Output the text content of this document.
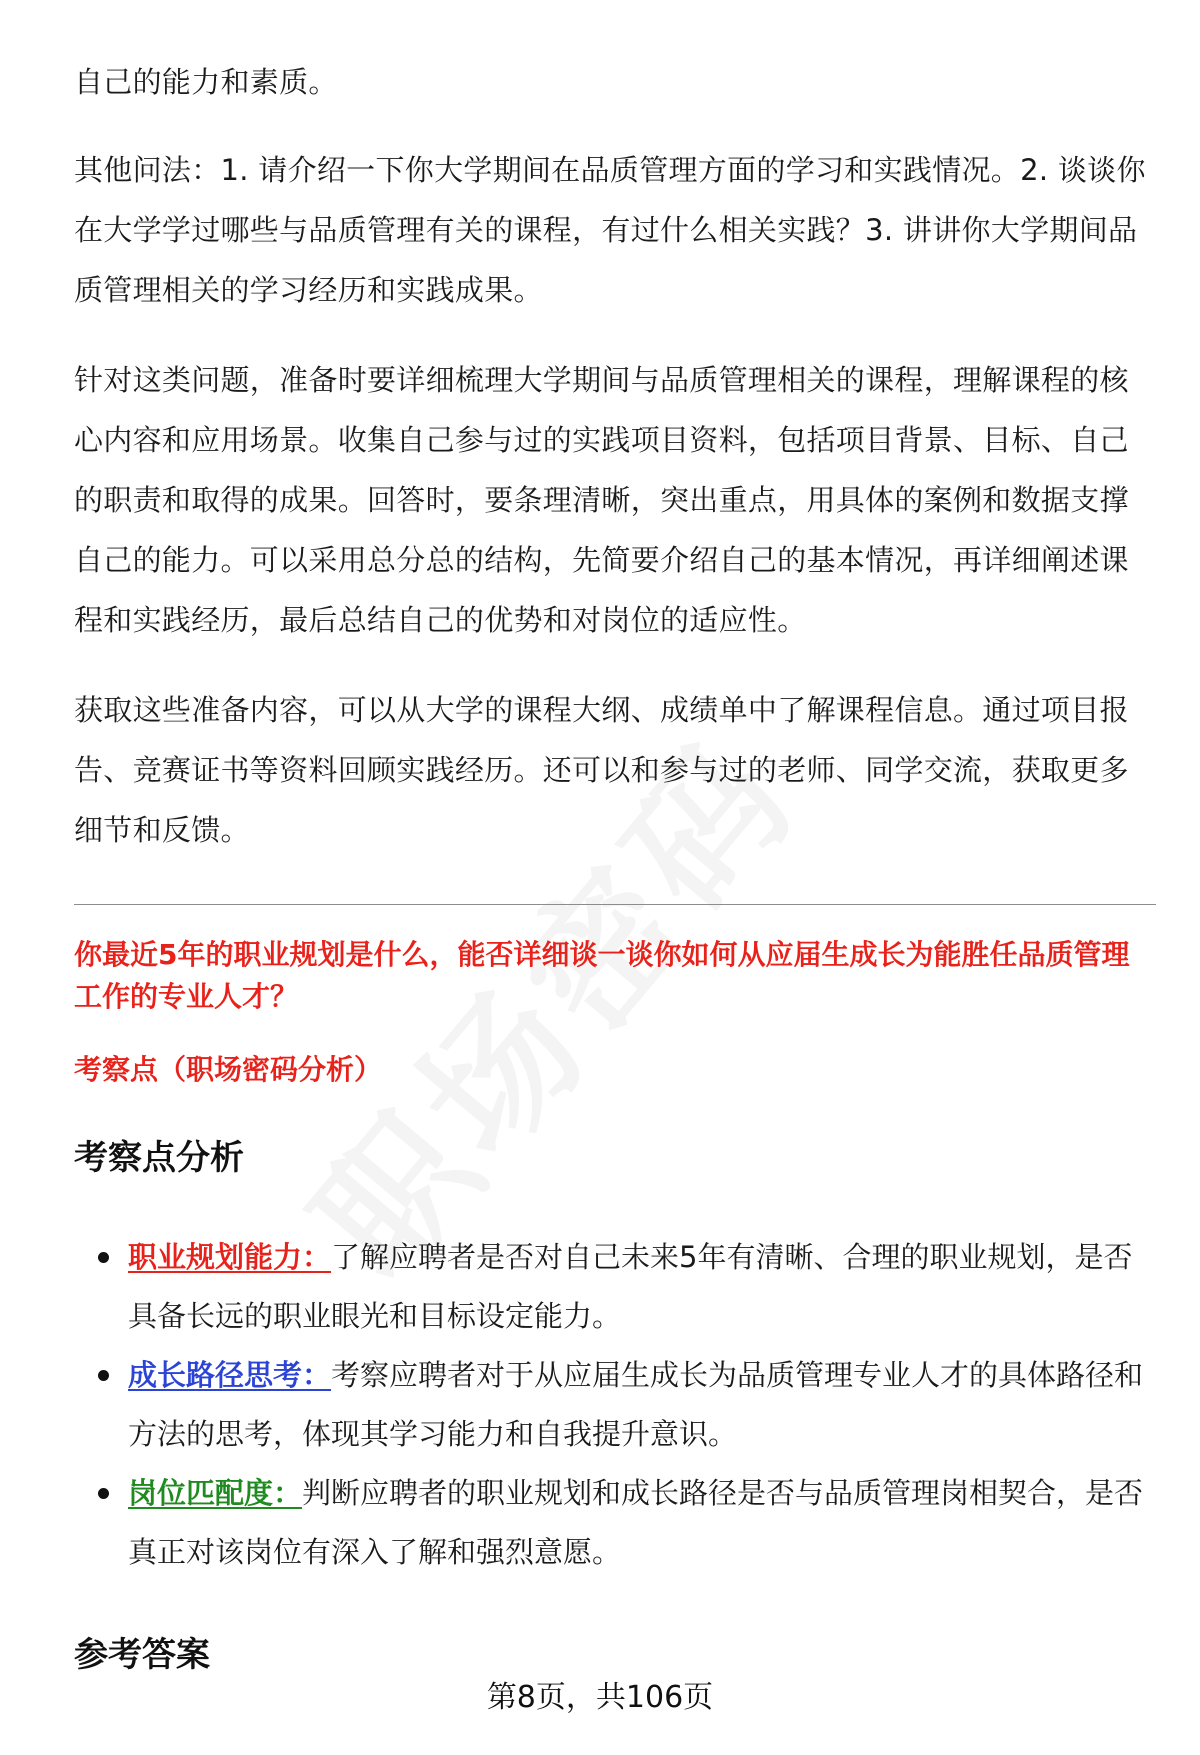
自己的能力和素质。

其他问法：1. 请介绍一下你大学期间在品质管理方面的学习和实践情况。2. 谈谈你在大学学过哪些与品质管理有关的课程，有过什么相关实践？3. 讲讲你大学期间品质管理相关的学习经历和实践成果。

针对这类问题，准备时要详细梳理大学期间与品质管理相关的课程，理解课程的核心内容和应用场景。收集自己参与过的实践项目资料，包括项目背景、目标、自己的职责和取得的成果。回答时，要条理清晰，突出重点，用具体的案例和数据支撑自己的能力。可以采用总分总的结构，先简要介绍自己的基本情况，再详细阐述课程和实践经历，最后总结自己的优势和对岗位的适应性。

获取这些准备内容，可以从大学的课程大纲、成绩单中了解课程信息。通过项目报告、竞赛证书等资料回顾实践经历。还可以和参与过的老师、同学交流，获取更多细节和反馈。

你最近5年的职业规划是什么，能否详细谈一谈你如何从应届生成长为能胜任品质管理工作的专业人才？

考察点（职场密码分析）

考察点分析
职业规划能力：了解应聘者是否对自己未来5年有清晰、合理的职业规划，是否具备长远的职业眼光和目标设定能力。
成长路径思考：考察应聘者对于从应届生成长为品质管理专业人才的具体路径和方法的思考，体现其学习能力和自我提升意识。
岗位匹配度：判断应聘者的职业规划和成长路径是否与品质管理岗相契合，是否真正对该岗位有深入了解和强烈意愿。
参考答案
第8页，共106页
